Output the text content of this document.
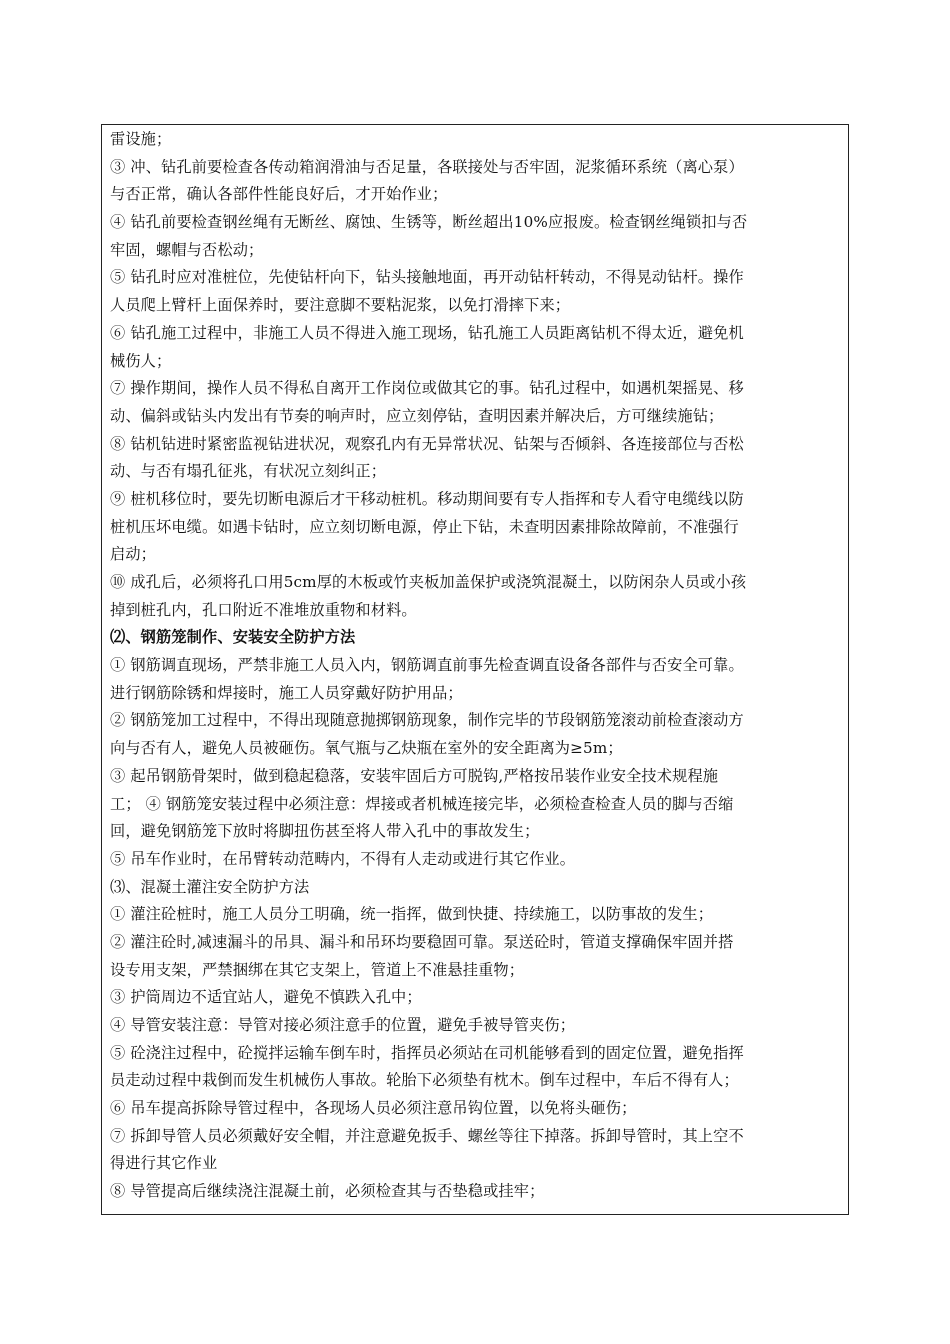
雷设施；
③ 冲、钻孔前要检查各传动箱润滑油与否足量，各联接处与否牢固，泥浆循环系统（离心泵）
与否正常，确认各部件性能良好后，才开始作业；
④ 钻孔前要检查钢丝绳有无断丝、腐蚀、生锈等，断丝超出10%应报废。检查钢丝绳锁扣与否
牢固，螺帽与否松动；
⑤ 钻孔时应对准桩位，先使钻杆向下，钻头接触地面，再开动钻杆转动，不得晃动钻杆。操作
人员爬上臂杆上面保养时，要注意脚不要粘泥浆，以免打滑摔下来；
⑥ 钻孔施工过程中，非施工人员不得进入施工现场，钻孔施工人员距离钻机不得太近，避免机
械伤人；
⑦ 操作期间，操作人员不得私自离开工作岗位或做其它的事。钻孔过程中，如遇机架摇晃、移
动、偏斜或钻头内发出有节奏的响声时，应立刻停钻，查明因素并解决后，方可继续施钻；
⑧ 钻机钻进时紧密监视钻进状况，观察孔内有无异常状况、钻架与否倾斜、各连接部位与否松
动、与否有塌孔征兆，有状况立刻纠正；
⑨ 桩机移位时，要先切断电源后才干移动桩机。移动期间要有专人指挥和专人看守电缆线以防
桩机压坏电缆。如遇卡钻时，应立刻切断电源，停止下钻，未查明因素排除故障前，不准强行
启动；
⑩ 成孔后，必须将孔口用5cm厚的木板或竹夹板加盖保护或浇筑混凝土，以防闲杂人员或小孩
掉到桩孔内，孔口附近不准堆放重物和材料。
⑵、钢筋笼制作、安装安全防护方法
① 钢筋调直现场，严禁非施工人员入内，钢筋调直前事先检查调直设备各部件与否安全可靠。
进行钢筋除锈和焊接时，施工人员穿戴好防护用品；
② 钢筋笼加工过程中，不得出现随意抛掷钢筋现象，制作完毕的节段钢筋笼滚动前检查滚动方
向与否有人，避免人员被砸伤。氧气瓶与乙炔瓶在室外的安全距离为≥5m；
③ 起吊钢筋骨架时，做到稳起稳落，安装牢固后方可脱钩,严格按吊装作业安全技术规程施
工； ④ 钢筋笼安装过程中必须注意：焊接或者机械连接完毕，必须检查检查人员的脚与否缩
回，避免钢筋笼下放时将脚扭伤甚至将人带入孔中的事故发生；
⑤ 吊车作业时，在吊臂转动范畴内，不得有人走动或进行其它作业。
⑶、混凝土灌注安全防护方法
① 灌注砼桩时，施工人员分工明确，统一指挥，做到快捷、持续施工，以防事故的发生；
② 灌注砼时,减速漏斗的吊具、漏斗和吊环均要稳固可靠。泵送砼时，管道支撑确保牢固并搭
设专用支架，严禁捆绑在其它支架上，管道上不准悬挂重物；
③ 护筒周边不适宜站人，避免不慎跌入孔中；
④ 导管安装注意：导管对接必须注意手的位置，避免手被导管夹伤；
⑤ 砼浇注过程中，砼搅拌运输车倒车时，指挥员必须站在司机能够看到的固定位置，避免指挥
员走动过程中栽倒而发生机械伤人事故。轮胎下必须垫有枕木。倒车过程中，车后不得有人；
⑥ 吊车提高拆除导管过程中，各现场人员必须注意吊钩位置，以免将头砸伤；
⑦ 拆卸导管人员必须戴好安全帽，并注意避免扳手、螺丝等往下掉落。拆卸导管时，其上空不
得进行其它作业
⑧ 导管提高后继续浇注混凝土前，必须检查其与否垫稳或挂牢；
